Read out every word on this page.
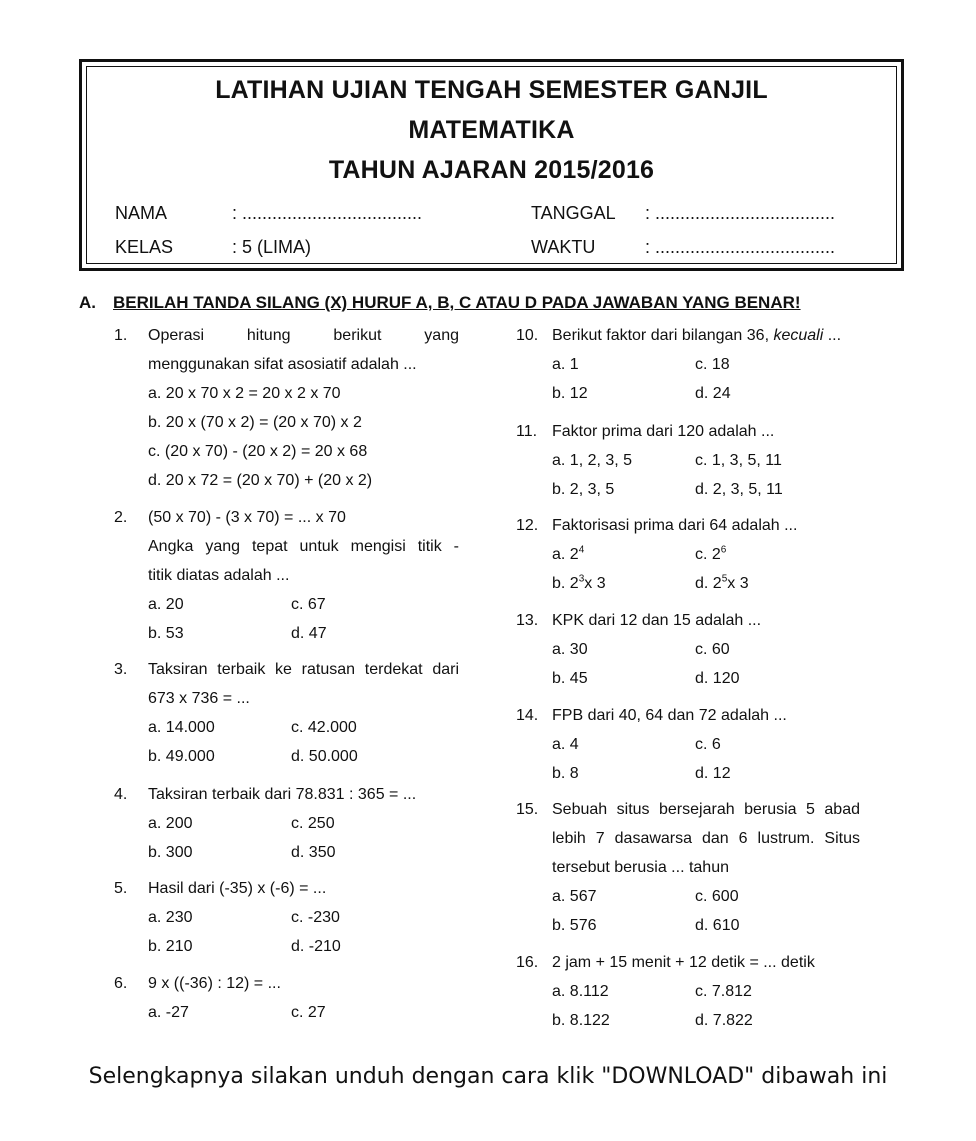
LATIHAN UJIAN TENGAH SEMESTER GANJIL
MATEMATIKA
TAHUN AJARAN 2015/2016
NAMA	: ....................................	TANGGAL : ....................................
KELAS	: 5 (LIMA)	WAKTU	: ....................................
A. BERILAH TANDA SILANG (X) HURUF A, B, C ATAU D PADA JAWABAN YANG BENAR!
1. Operasi hitung berikut yang
menggunakan sifat asosiatif adalah ...
a. 20 x 70 x 2 = 20 x 2 x 70
b. 20 x (70 x 2) = (20 x 70) x 2
c. (20 x 70) - (20 x 2) = 20 x 68
d. 20 x 72 = (20 x 70) + (20 x 2)
2. (50 x 70) - (3 x 70) = ... x 70
Angka yang tepat untuk mengisi titik -
titik diatas adalah ...
a. 20	c. 67
b. 53	d. 47
3. Taksiran terbaik ke ratusan terdekat dari
673 x 736 = ...
a. 14.000	c. 42.000
b. 49.000	d. 50.000
4. Taksiran terbaik dari 78.831 : 365 = ...
a. 200	c. 250
b. 300	d. 350
5. Hasil dari (-35) x (-6) = ...
a. 230	c. -230
b. 210	d. -210
6. 9 x ((-36) : 12) = ...
a. -27	c. 27
10. Berikut faktor dari bilangan 36, kecuali ...
a. 1	c. 18
b. 12	d. 24
11. Faktor prima dari 120 adalah ...
a. 1, 2, 3, 5	c. 1, 3, 5, 11
b. 2, 3, 5	d. 2, 3, 5, 11
12. Faktorisasi prima dari 64 adalah ...
a. $2^4$	c. $2^6$
b. $2^3x$ 3	d. $2^5x$ 3
13. KPK dari 12 dan 15 adalah ...
a. 30	c. 60
b. 45	d. 120
14. FPB dari 40, 64 dan 72 adalah ...
a. 4	c. 6
b. 8	d. 12
15. Sebuah situs bersejarah berusia 5 abad
lebih 7 dasawarsa dan 6 lustrum. Situs
tersebut berusia ... tahun
a. 567	c. 600
b. 576	d. 610
16. 2 jam + 15 menit + 12 detik = ... detik
a. 8.112	c. 7.812
b. 8.122	d. 7.822
Selengkapnya silakan unduh dengan cara klik "DOWNLOAD" dibawah ini
